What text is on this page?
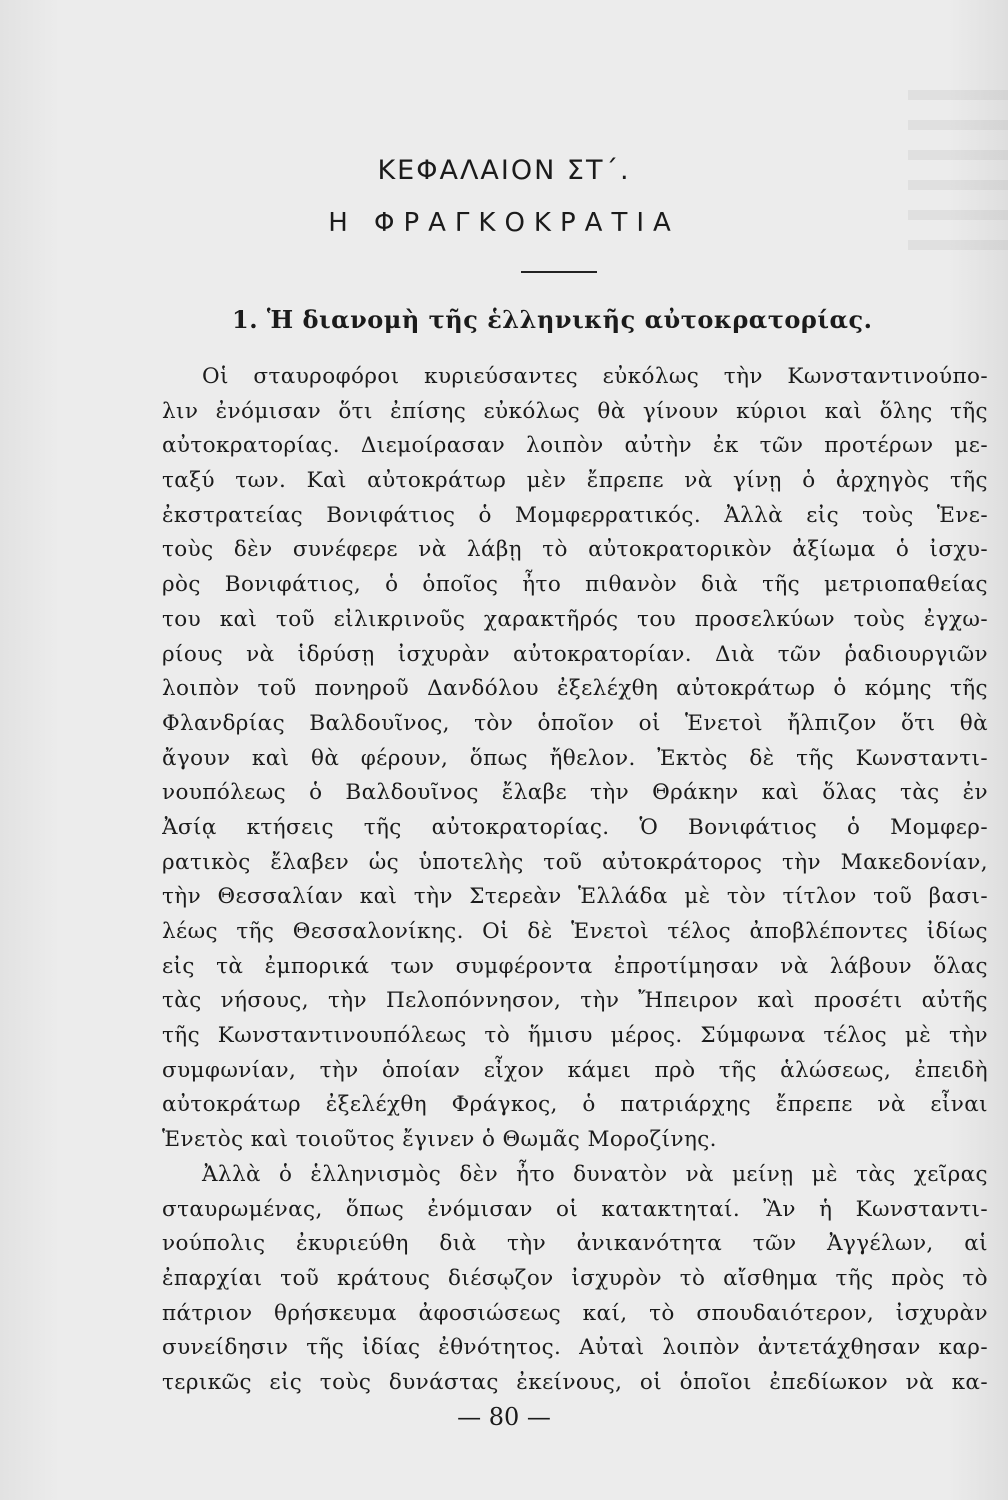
ΚΕΦΑΛΑΙΟΝ ΣΤ΄.
Η ΦΡΑΓΚΟΚΡΑΤΙΑ
1. Ἡ διανομὴ τῆς ἑλληνικῆς αὐτοκρατορίας.
Οἱ σταυροφόροι κυριεύσαντες εὐκόλως τὴν Κωνσταντινούπο-
λιν ἐνόμισαν ὅτι ἐπίσης εὐκόλως θὰ γίνουν κύριοι καὶ ὅλης τῆς
αὐτοκρατορίας. Διεμοίρασαν λοιπὸν αὐτὴν ἐκ τῶν προτέρων με-
ταξύ των. Καὶ αὐτοκράτωρ μὲν ἔπρεπε νὰ γίνῃ ὁ ἀρχηγὸς τῆς
ἐκστρατείας Βονιφάτιος ὁ Μομφερρατικός. Ἀλλὰ εἰς τοὺς Ἑνε-
τοὺς δὲν συνέφερε νὰ λάβῃ τὸ αὐτοκρατορικὸν ἀξίωμα ὁ ἰσχυ-
ρὸς Βονιφάτιος, ὁ ὁποῖος ἦτο πιθανὸν διὰ τῆς μετριοπαθείας
του καὶ τοῦ εἰλικρινοῦς χαρακτῆρός του προσελκύων τοὺς ἐγχω-
ρίους νὰ ἱδρύσῃ ἰσχυρὰν αὐτοκρατορίαν. Διὰ τῶν ῥαδιουργιῶν
λοιπὸν τοῦ πονηροῦ Δανδόλου ἐξελέχθη αὐτοκράτωρ ὁ κόμης τῆς
Φλανδρίας Βαλδουῖνος, τὸν ὁποῖον οἱ Ἑνετοὶ ἤλπιζον ὅτι θὰ
ἄγουν καὶ θὰ φέρουν, ὅπως ἤθελον. Ἐκτὸς δὲ τῆς Κωνσταντι-
νουπόλεως ὁ Βαλδουῖνος ἔλαβε τὴν Θράκην καὶ ὅλας τὰς ἐν
Ἀσίᾳ κτήσεις τῆς αὐτοκρατορίας. Ὁ Βονιφάτιος ὁ Μομφερ-
ρατικὸς ἔλαβεν ὡς ὑποτελὴς τοῦ αὐτοκράτορος τὴν Μακεδονίαν,
τὴν Θεσσαλίαν καὶ τὴν Στερεὰν Ἑλλάδα μὲ τὸν τίτλον τοῦ βασι-
λέως τῆς Θεσσαλονίκης. Οἱ δὲ Ἑνετοὶ τέλος ἀποβλέποντες ἰδίως
εἰς τὰ ἐμπορικά των συμφέροντα ἐπροτίμησαν νὰ λάβουν ὅλας
τὰς νήσους, τὴν Πελοπόννησον, τὴν Ἤπειρον καὶ προσέτι αὐτῆς
τῆς Κωνσταντινουπόλεως τὸ ἥμισυ μέρος. Σύμφωνα τέλος μὲ τὴν
συμφωνίαν, τὴν ὁποίαν εἶχον κάμει πρὸ τῆς ἁλώσεως, ἐπειδὴ
αὐτοκράτωρ ἐξελέχθη Φράγκος, ὁ πατριάρχης ἔπρεπε νὰ εἶναι
Ἑνετὸς καὶ τοιοῦτος ἔγινεν ὁ Θωμᾶς Μοροζίνης.
Ἀλλὰ ὁ ἑλληνισμὸς δὲν ἦτο δυνατὸν νὰ μείνῃ μὲ τὰς χεῖρας
σταυρωμένας, ὅπως ἐνόμισαν οἱ κατακτηταί. Ἂν ἡ Κωνσταντι-
νούπολις ἐκυριεύθη διὰ τὴν ἀνικανότητα τῶν Ἀγγέλων, αἱ
ἐπαρχίαι τοῦ κράτους διέσῳζον ἰσχυρὸν τὸ αἴσθημα τῆς πρὸς τὸ
πάτριον θρήσκευμα ἀφοσιώσεως καί, τὸ σπουδαιότερον, ἰσχυρὰν
συνείδησιν τῆς ἰδίας ἐθνότητος. Αὐταὶ λοιπὸν ἀντετάχθησαν καρ-
τερικῶς εἰς τοὺς δυνάστας ἐκείνους, οἱ ὁποῖοι ἐπεδίωκον νὰ κα-
— 80 —
